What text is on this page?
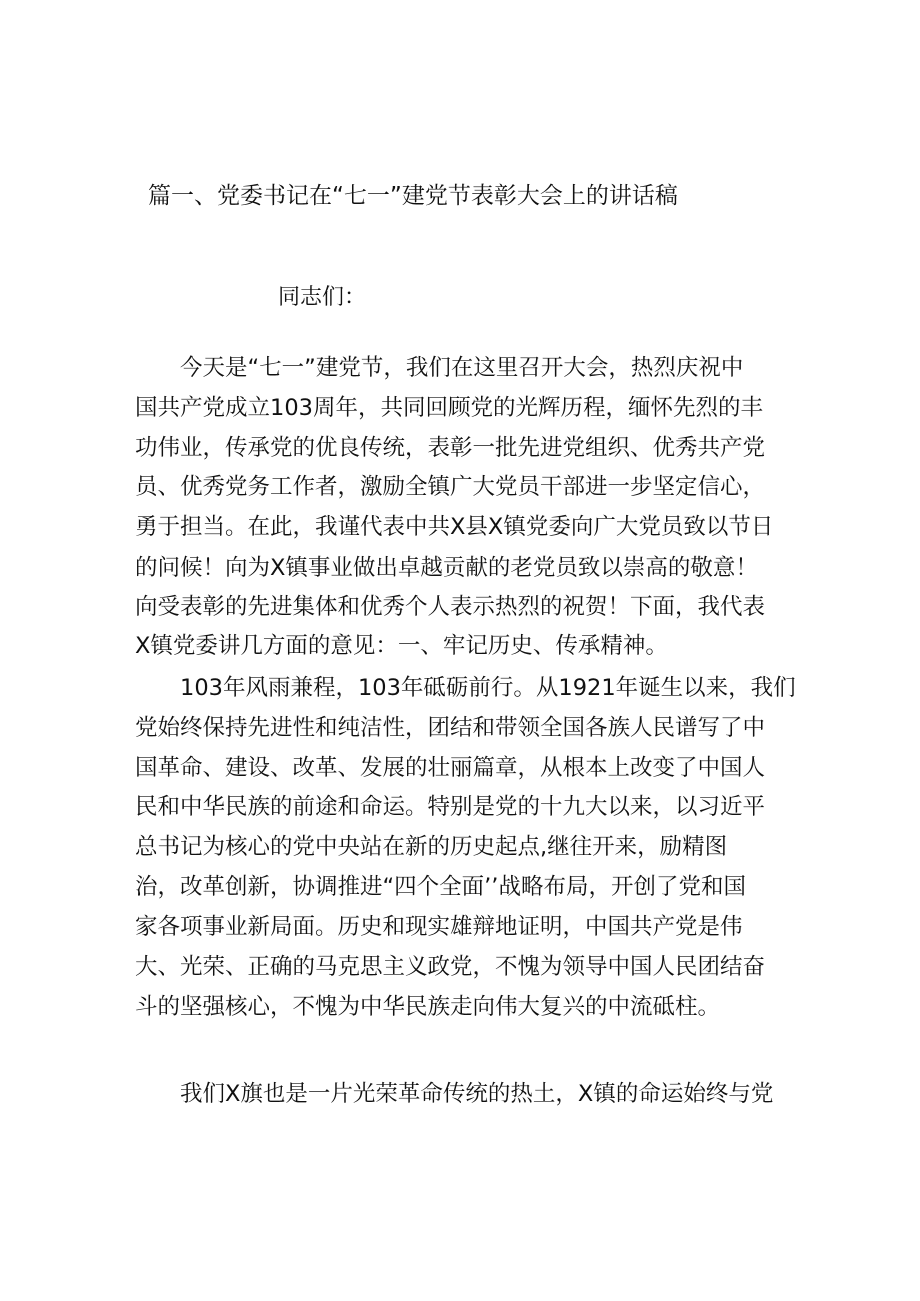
篇一、党委书记在“七一”建党节表彰大会上的讲话稿
同志们：
今天是“七一”建党节，我们在这里召开大会，热烈庆祝中
国共产党成立103周年，共同回顾党的光辉历程，缅怀先烈的丰
功伟业，传承党的优良传统，表彰一批先进党组织、优秀共产党
员、优秀党务工作者，激励全镇广大党员干部进一步坚定信心，
勇于担当。在此，我谨代表中共X县X镇党委向广大党员致以节日
的问候！向为X镇事业做出卓越贡献的老党员致以崇高的敬意！
向受表彰的先进集体和优秀个人表示热烈的祝贺！下面，我代表
X镇党委讲几方面的意见：一、牢记历史、传承精神。
103年风雨兼程，103年砥砺前行。从1921年诞生以来，我们
党始终保持先进性和纯洁性，团结和带领全国各族人民谱写了中
国革命、建设、改革、发展的壮丽篇章，从根本上改变了中国人
民和中华民族的前途和命运。特别是党的十九大以来，以习近平
总书记为核心的党中央站在新的历史起点,继往开来，励精图
治，改革创新，协调推进“四个全面’’战略布局，开创了党和国
家各项事业新局面。历史和现实雄辩地证明，中国共产党是伟
大、光荣、正确的马克思主义政党，不愧为领导中国人民团结奋
斗的坚强核心，不愧为中华民族走向伟大复兴的中流砥柱。
我们X旗也是一片光荣革命传统的热土，X镇的命运始终与党
